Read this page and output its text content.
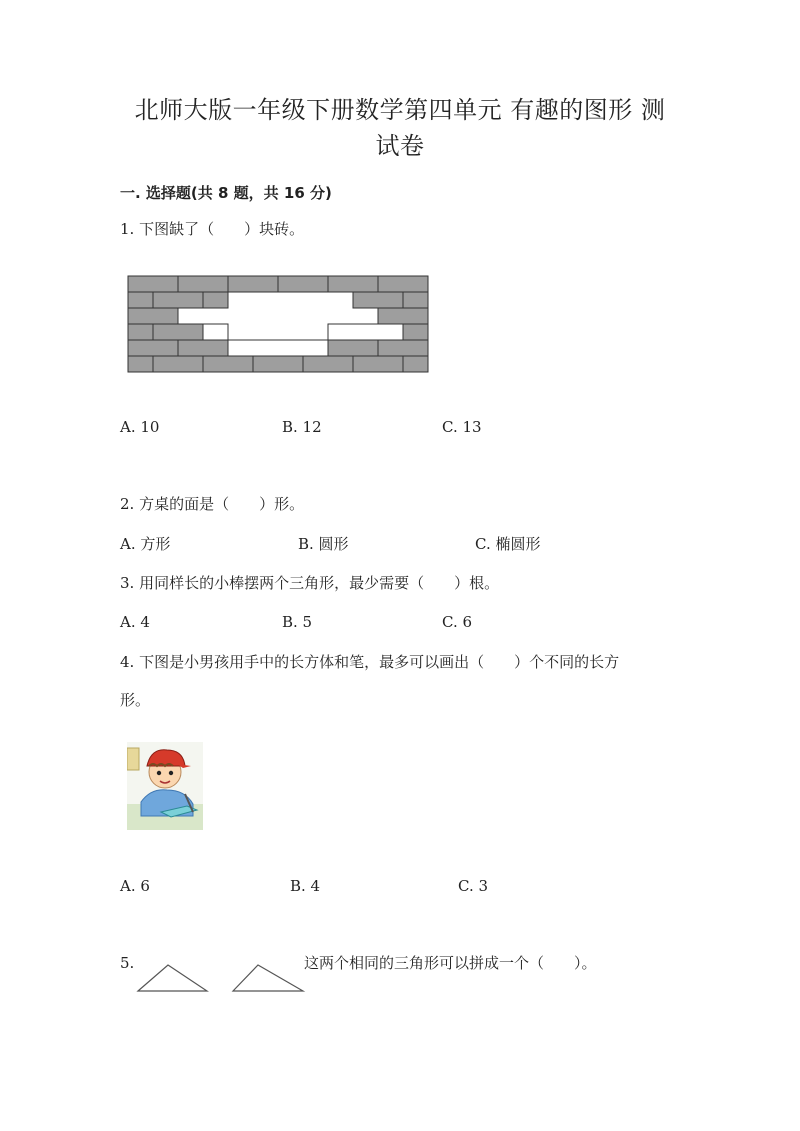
北师大版一年级下册数学第四单元 有趣的图形 测
试卷
一. 选择题(共 8 题，共 16 分)
1. 下图缺了（　　）块砖。
A. 10	B. 12	C. 13
2. 方桌的面是（　　）形。
A. 方形	B. 圆形	C. 椭圆形
3. 用同样长的小棒摆两个三角形，最少需要（　　）根。
A. 4	B. 5	C. 6
4. 下图是小男孩用手中的长方体和笔，最多可以画出（　　）个不同的长方
形。
A. 6	B. 4	C. 3
5.	这两个相同的三角形可以拼成一个（　　）。
